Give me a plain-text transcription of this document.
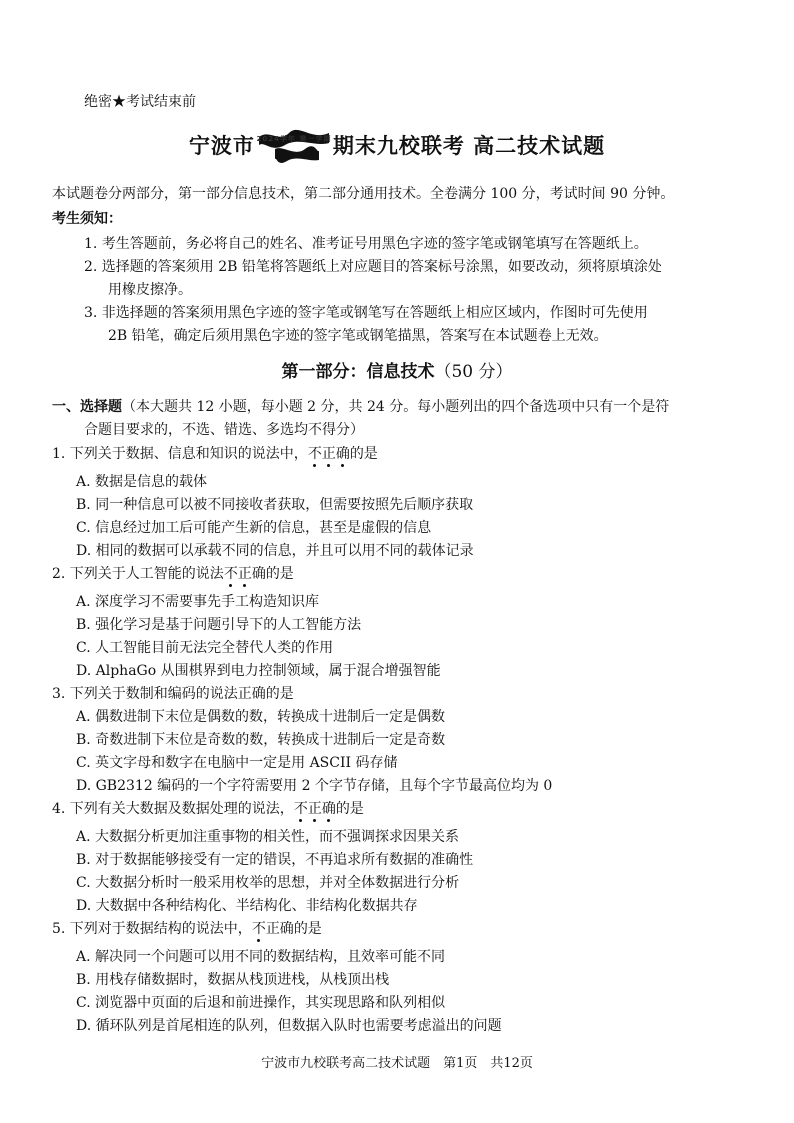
绝密★考试结束前
宁波市 2024学年 第一学期 期末九校联考 高二技术试题
本试题卷分两部分，第一部分信息技术，第二部分通用技术。全卷满分 100 分，考试时间 90 分钟。
考生须知：
1. 考生答题前，务必将自己的姓名、准考证号用黑色字迹的签字笔或钢笔填写在答题纸上。
2. 选择题的答案须用 2B 铅笔将答题纸上对应题目的答案标号涂黑，如要改动，须将原填涂处
用橡皮擦净。
3. 非选择题的答案须用黑色字迹的签字笔或钢笔写在答题纸上相应区域内，作图时可先使用
2B 铅笔，确定后须用黑色字迹的签字笔或钢笔描黑，答案写在本试题卷上无效。
第一部分：信息技术（50 分）
一、选择题（本大题共 12 小题，每小题 2 分，共 24 分。每小题列出的四个备选项中只有一个是符
合题目要求的，不选、错选、多选均不得分）
1. 下列关于数据、信息和知识的说法中，不正确的是
A. 数据是信息的载体
B. 同一种信息可以被不同接收者获取，但需要按照先后顺序获取
C. 信息经过加工后可能产生新的信息，甚至是虚假的信息
D. 相同的数据可以承载不同的信息，并且可以用不同的载体记录
2. 下列关于人工智能的说法不正确的是
A. 深度学习不需要事先手工构造知识库
B. 强化学习是基于问题引导下的人工智能方法
C. 人工智能目前无法完全替代人类的作用
D. AlphaGo 从围棋界到电力控制领域，属于混合增强智能
3. 下列关于数制和编码的说法正确的是
A. 偶数进制下末位是偶数的数，转换成十进制后一定是偶数
B. 奇数进制下末位是奇数的数，转换成十进制后一定是奇数
C. 英文字母和数字在电脑中一定是用 ASCII 码存储
D. GB2312 编码的一个字符需要用 2 个字节存储，且每个字节最高位均为 0
4. 下列有关大数据及数据处理的说法，不正确的是
A. 大数据分析更加注重事物的相关性，而不强调探求因果关系
B. 对于数据能够接受有一定的错误，不再追求所有数据的准确性
C. 大数据分析时一般采用枚举的思想，并对全体数据进行分析
D. 大数据中各种结构化、半结构化、非结构化数据共存
5. 下列对于数据结构的说法中，不正确的是
A. 解决同一个问题可以用不同的数据结构，且效率可能不同
B. 用栈存储数据时，数据从栈顶进栈，从栈顶出栈
C. 浏览器中页面的后退和前进操作，其实现思路和队列相似
D. 循环队列是首尾相连的队列，但数据入队时也需要考虑溢出的问题
宁波市九校联考高二技术试题　第1页　共12页
